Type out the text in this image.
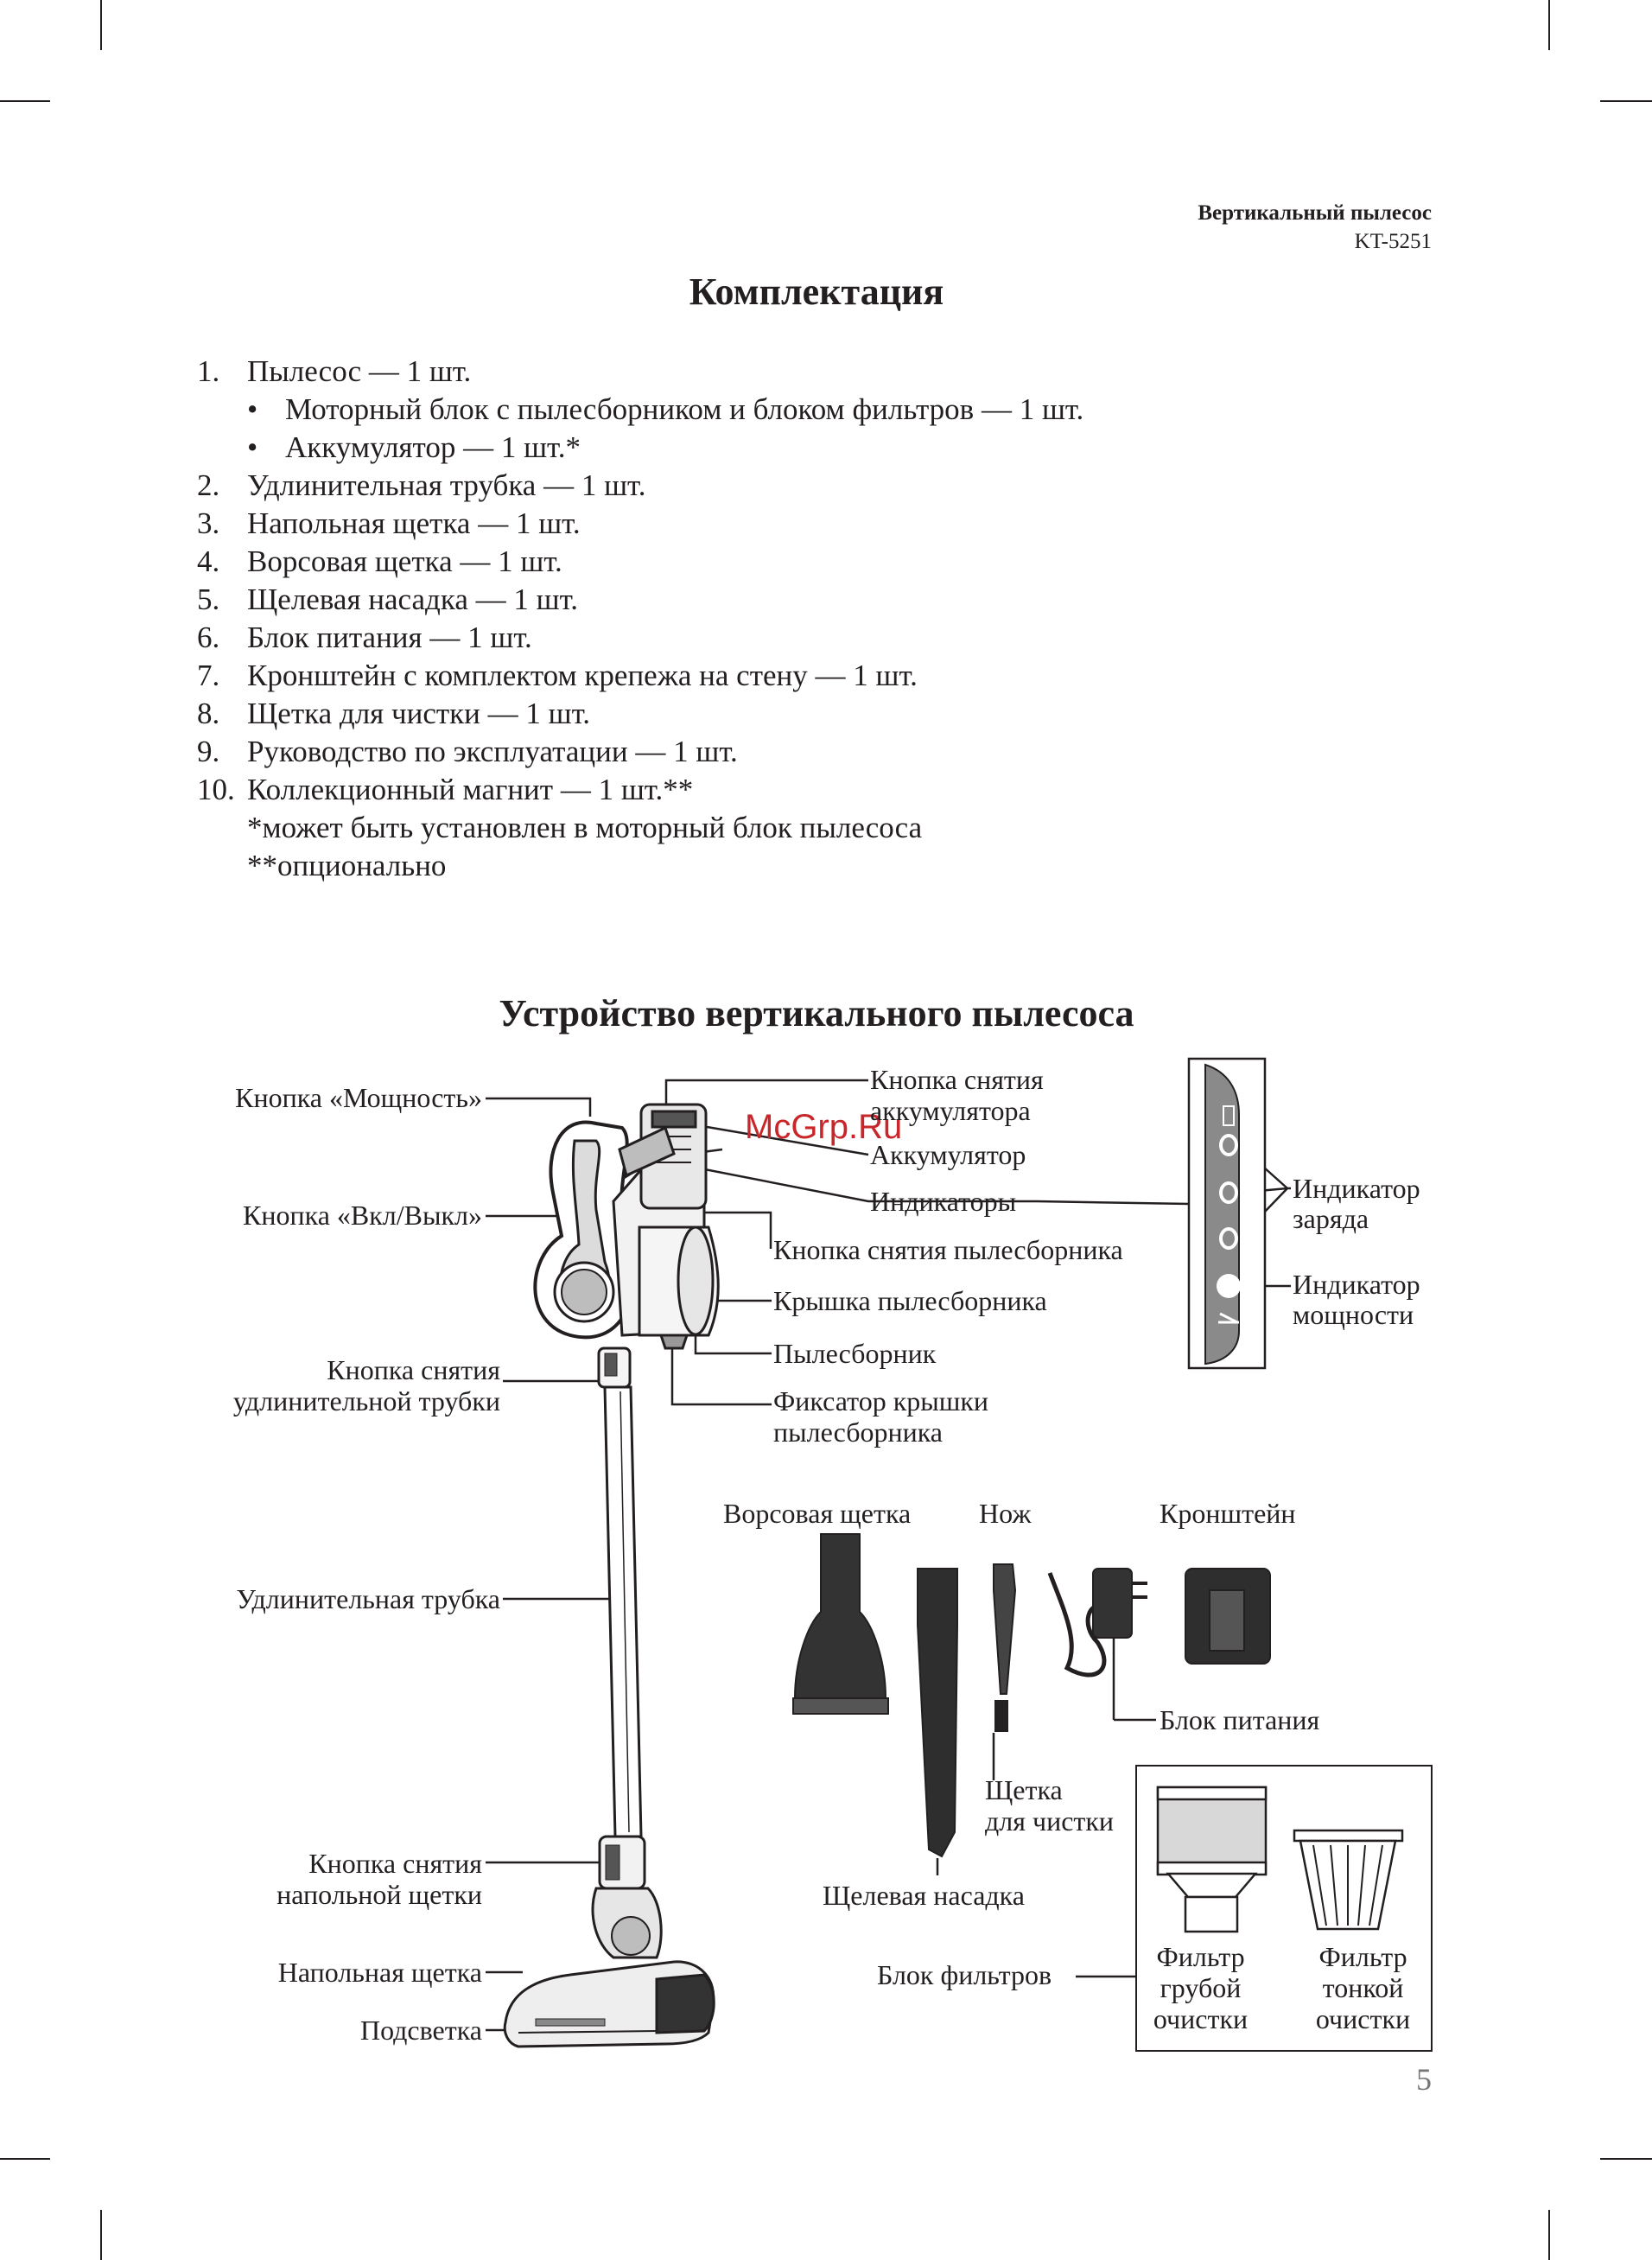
Вертикальный пылесос
KT-5251
Комплектация
1. Пылесос — 1 шт.
• Моторный блок с пылесборником и блоком фильтров — 1 шт.
• Аккумулятор — 1 шт.*
2. Удлинительная трубка — 1 шт.
3. Напольная щетка — 1 шт.
4. Ворсовая щетка — 1 шт.
5. Щелевая насадка — 1 шт.
6. Блок питания — 1 шт.
7. Кронштейн с комплектом крепежа на стену — 1 шт.
8. Щетка для чистки — 1 шт.
9. Руководство по эксплуатации — 1 шт.
10. Коллекционный магнит — 1 шт.**
*может быть установлен в моторный блок пылесоса
**опционально
Устройство вертикального пылесоса
McGrp.Ru
Кнопка «Мощность»
Кнопка «Вкл/Выкл»
Кнопка снятия
удлинительной трубки
Удлинительная трубка
Кнопка снятия
напольной щетки
Напольная щетка
Подсветка
Кнопка снятия
аккумулятора
Аккумулятор
Индикаторы
Кнопка снятия пылесборника
Крышка пылесборника
Пылесборник
Фиксатор крышки
пылесборника
Индикатор
заряда
Индикатор
мощности
Ворсовая щетка Нож	Кронштейн
Блок питания
Щетка
для чистки
Щелевая насадка
Блок фильтров
Фильтр
грубой
очистки
Фильтр
тонкой
очистки
5
